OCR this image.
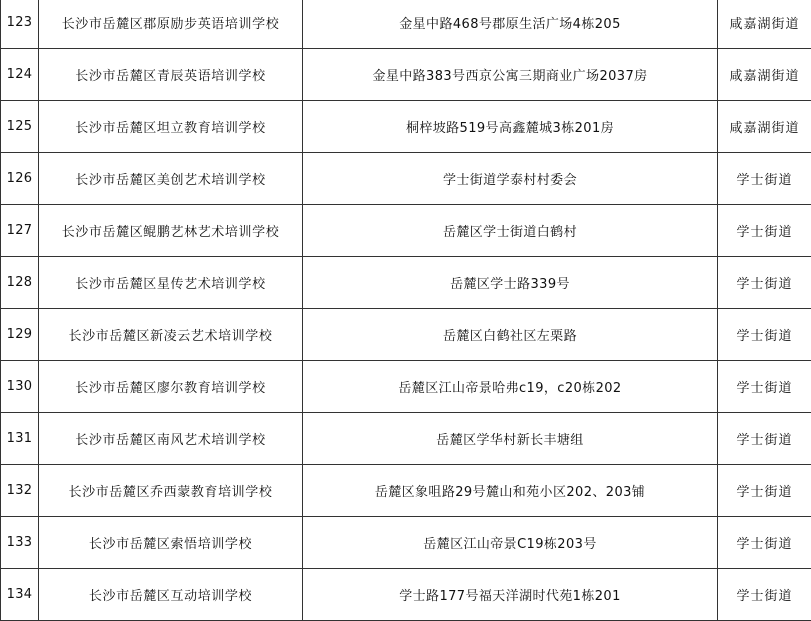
123	长沙市岳麓区郡原励步英语培训学校	金星中路468号郡原生活广场4栋205	咸嘉湖街道
124	长沙市岳麓区青辰英语培训学校	金星中路383号西京公寓三期商业广场2037房	咸嘉湖街道
125	长沙市岳麓区坦立教育培训学校	桐梓坡路519号高鑫麓城3栋201房	咸嘉湖街道
126	长沙市岳麓区美创艺术培训学校	学士街道学泰村村委会	学士街道
127	长沙市岳麓区鲲鹏艺林艺术培训学校	岳麓区学士街道白鹤村	学士街道
128	长沙市岳麓区星传艺术培训学校	岳麓区学士路339号	学士街道
129	长沙市岳麓区新凌云艺术培训学校	岳麓区白鹤社区左栗路	学士街道
130	长沙市岳麓区廖尔教育培训学校	岳麓区江山帝景哈弗c19，c20栋202	学士街道
131	长沙市岳麓区南风艺术培训学校	岳麓区学华村新长丰塘组	学士街道
132	长沙市岳麓区乔西蒙教育培训学校	岳麓区象咀路29号麓山和苑小区202、203铺	学士街道
133	长沙市岳麓区索悟培训学校	岳麓区江山帝景C19栋203号	学士街道
134	长沙市岳麓区互动培训学校	学士路177号福天洋湖时代苑1栋201	学士街道
